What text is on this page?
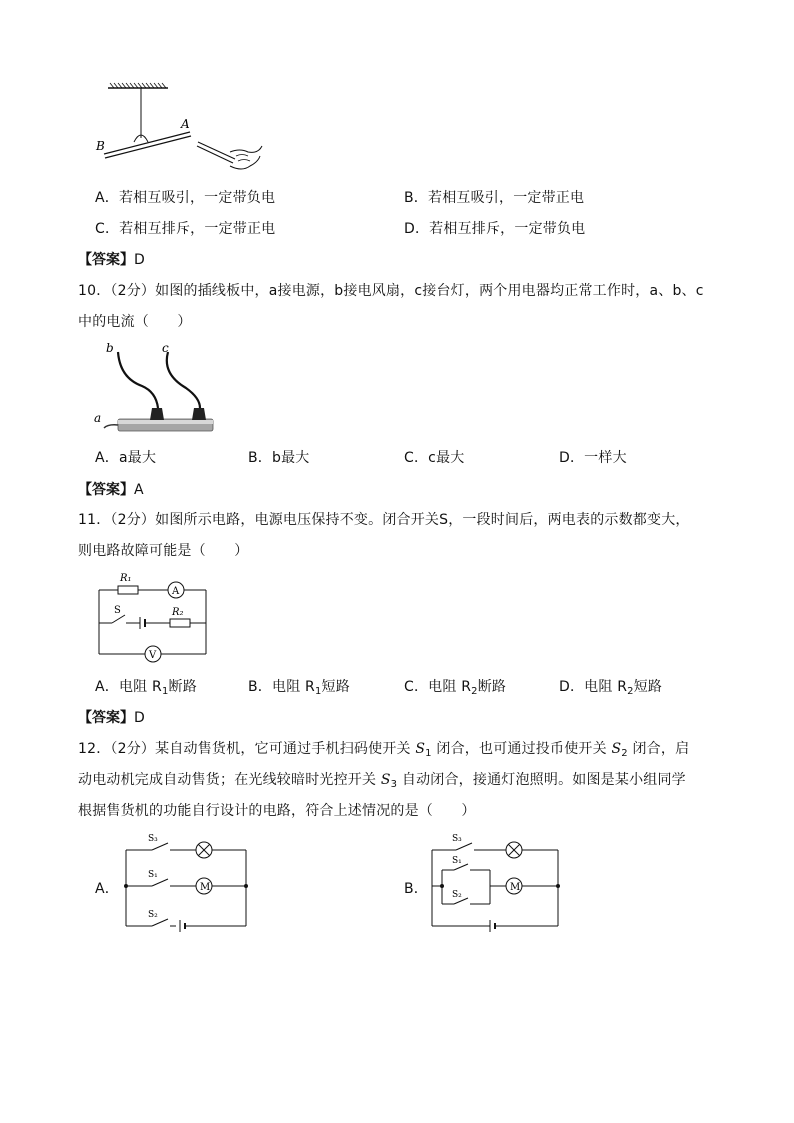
B
A
A．若相互吸引，一定带负电	B．若相互吸引，一定带正电
C．若相互排斥，一定带正电	D．若相互排斥，一定带负电
【答案】D
10．（2分）如图的插线板中，a接电源，b接电风扇，c接台灯，两个用电器均正常工作时，a、b、c
中的电流（　　）
b	c
a
A．a最大	B．b最大	C．c最大	D．一样大
【答案】A
11．（2分）如图所示电路，电源电压保持不变。闭合开关S，一段时间后，两电表的示数都变大，
则电路故障可能是（　　）
R₁
A
S	R₂
V
A．电阻 $R_1$断路	B．电阻 $R_1$短路	C．电阻 $R_2$断路	D．电阻 $R_2$短路
【答案】D
12．（2分）某自动售货机，它可通过手机扫码使开关 $S_1$ 闭合，也可通过投币使开关 $S_2$ 闭合，启
动电动机完成自动售货；在光线较暗时光控开关 $S_3$ 自动闭合，接通灯泡照明。如图是某小组同学
根据售货机的功能自行设计的电路，符合上述情况的是（　　）
A．
S₃
S₁
M
S₂
B．
S₃
S₁
S₂
M
